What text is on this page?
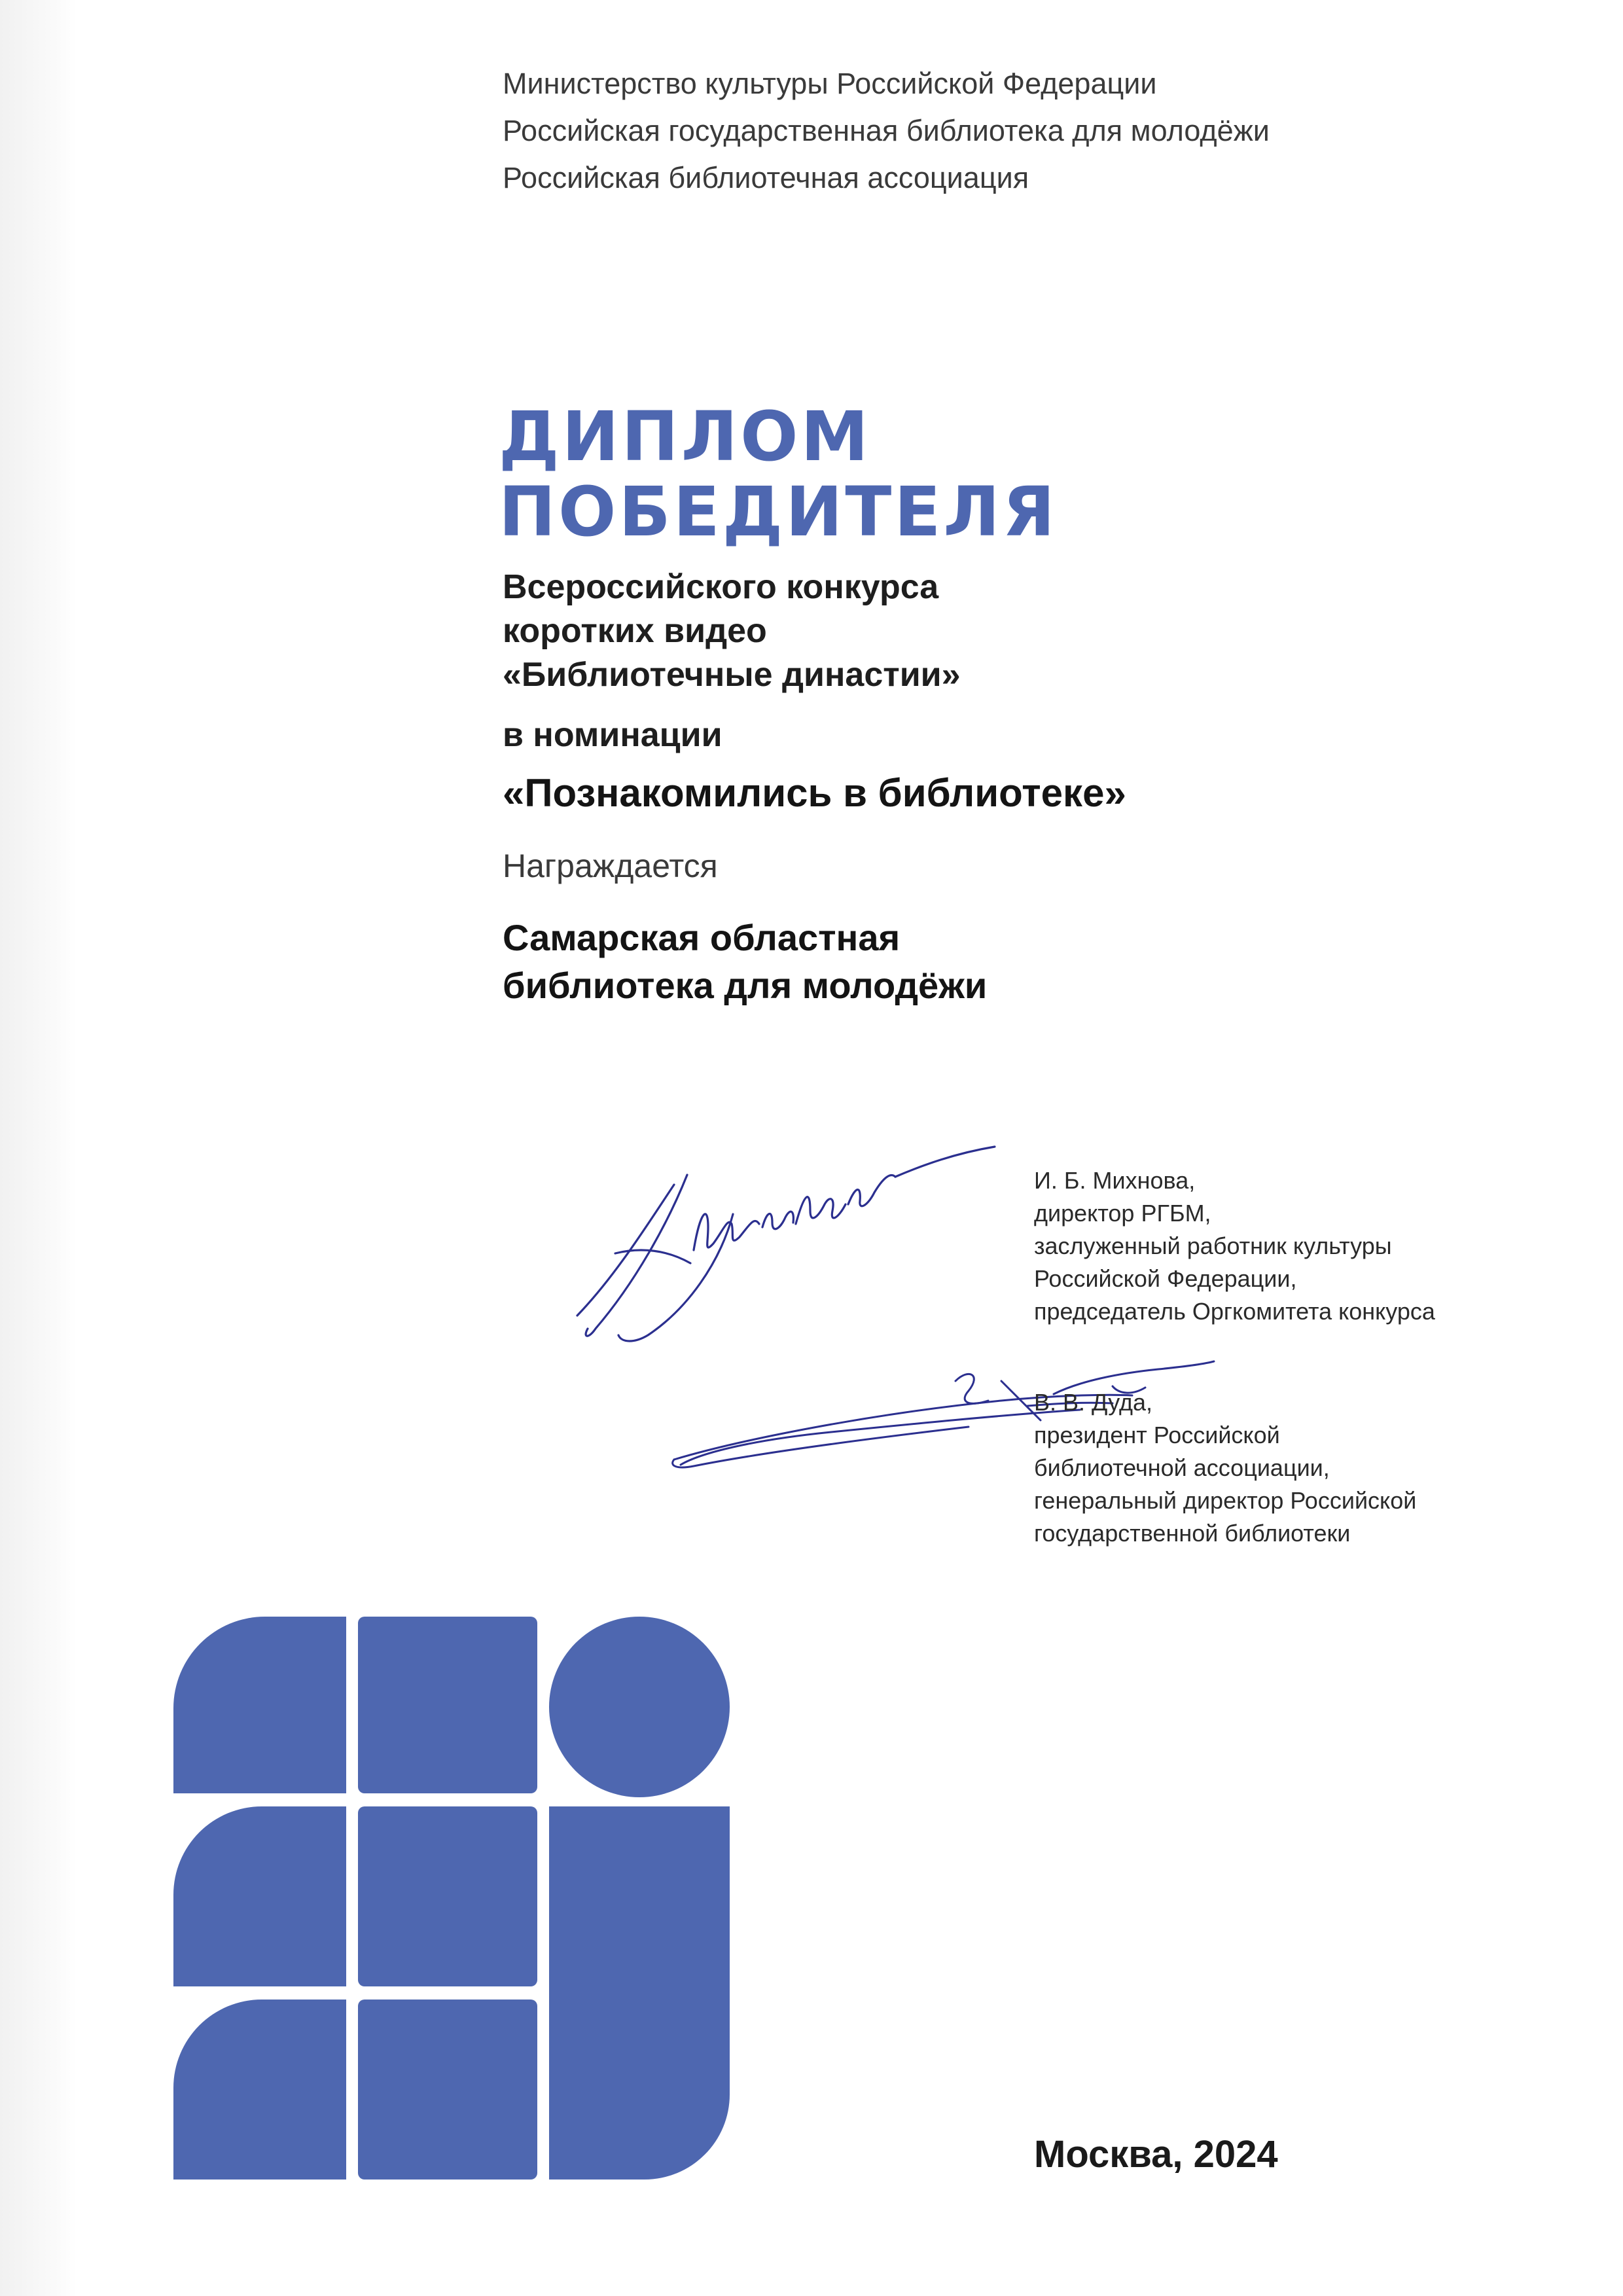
Министерство культуры Российской Федерации
Российская государственная библиотека для молодёжи
Российская библиотечная ассоциация
ДИПЛОМ
ПОБЕДИТЕЛЯ
Всероссийского конкурса
коротких видео
«Библиотечные династии»
в номинации
«Познакомились в библиотеке»
Награждается
Самарская областная
библиотека для молодёжи
И. Б. Михнова,
директор РГБМ,
заслуженный работник культуры
Российской Федерации,
председатель Оргкомитета конкурса
В. В. Дуда,
президент Российской
библиотечной ассоциации,
генеральный директор Российской
государственной библиотеки
Москва, 2024
